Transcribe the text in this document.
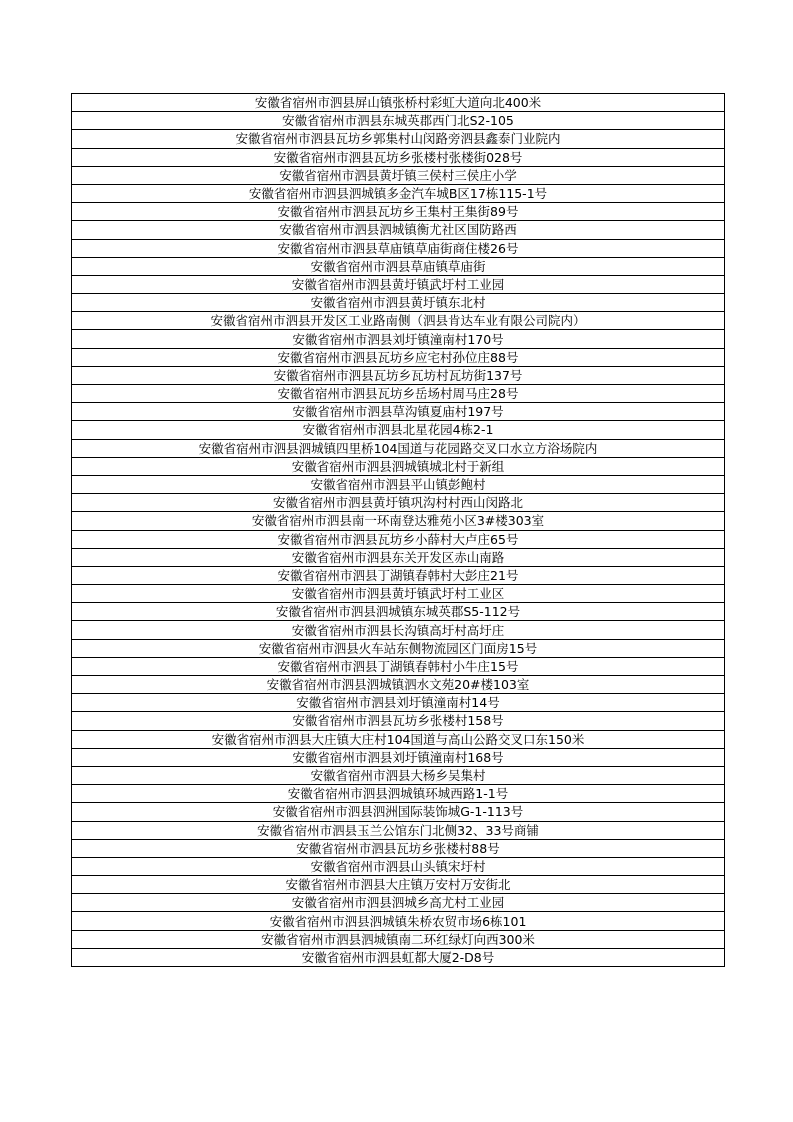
安徽省宿州市泗县屏山镇张桥村彩虹大道向北400米
安徽省宿州市泗县东城英郡西门北S2-105
安徽省宿州市泗县瓦坊乡郭集村山闵路旁泗县鑫泰门业院内
安徽省宿州市泗县瓦坊乡张楼村张楼街028号
安徽省宿州市泗县黄圩镇三侯村三侯庄小学
安徽省宿州市泗县泗城镇多金汽车城B区17栋115-1号
安徽省宿州市泗县瓦坊乡王集村王集街89号
安徽省宿州市泗县泗城镇衡尤社区国防路西
安徽省宿州市泗县草庙镇草庙街商住楼26号
安徽省宿州市泗县草庙镇草庙街
安徽省宿州市泗县黄圩镇武圩村工业园
安徽省宿州市泗县黄圩镇东北村
安徽省宿州市泗县开发区工业路南侧（泗县肯达车业有限公司院内）
安徽省宿州市泗县刘圩镇潼南村170号
安徽省宿州市泗县瓦坊乡应宅村孙位庄88号
安徽省宿州市泗县瓦坊乡瓦坊村瓦坊街137号
安徽省宿州市泗县瓦坊乡岳场村周马庄28号
安徽省宿州市泗县草沟镇夏庙村197号
安徽省宿州市泗县北星花园4栋2-1
安徽省宿州市泗县泗城镇四里桥104国道与花园路交叉口水立方浴场院内
安徽省宿州市泗县泗城镇城北村于新组
安徽省宿州市泗县平山镇彭鲍村
安徽省宿州市泗县黄圩镇巩沟村村西山闵路北
安徽省宿州市泗县南一环南登达雅苑小区3#楼303室
安徽省宿州市泗县瓦坊乡小薛村大卢庄65号
安徽省宿州市泗县东关开发区赤山南路
安徽省宿州市泗县丁湖镇春韩村大彭庄21号
安徽省宿州市泗县黄圩镇武圩村工业区
安徽省宿州市泗县泗城镇东城英郡S5-112号
安徽省宿州市泗县长沟镇高圩村高圩庄
安徽省宿州市泗县火车站东侧物流园区门面房15号
安徽省宿州市泗县丁湖镇春韩村小牛庄15号
安徽省宿州市泗县泗城镇泗水文苑20#楼103室
安徽省宿州市泗县刘圩镇潼南村14号
安徽省宿州市泗县瓦坊乡张楼村158号
安徽省宿州市泗县大庄镇大庄村104国道与高山公路交叉口东150米
安徽省宿州市泗县刘圩镇潼南村168号
安徽省宿州市泗县大杨乡吴集村
安徽省宿州市泗县泗城镇环城西路1-1号
安徽省宿州市泗县泗洲国际装饰城G-1-113号
安徽省宿州市泗县玉兰公馆东门北侧32、33号商铺
安徽省宿州市泗县瓦坊乡张楼村88号
安徽省宿州市泗县山头镇宋圩村
安徽省宿州市泗县大庄镇万安村万安街北
安徽省宿州市泗县泗城乡高尤村工业园
安徽省宿州市泗县泗城镇朱桥农贸市场6栋101
安徽省宿州市泗县泗城镇南二环红绿灯向西300米
安徽省宿州市泗县虹都大厦2-D8号
